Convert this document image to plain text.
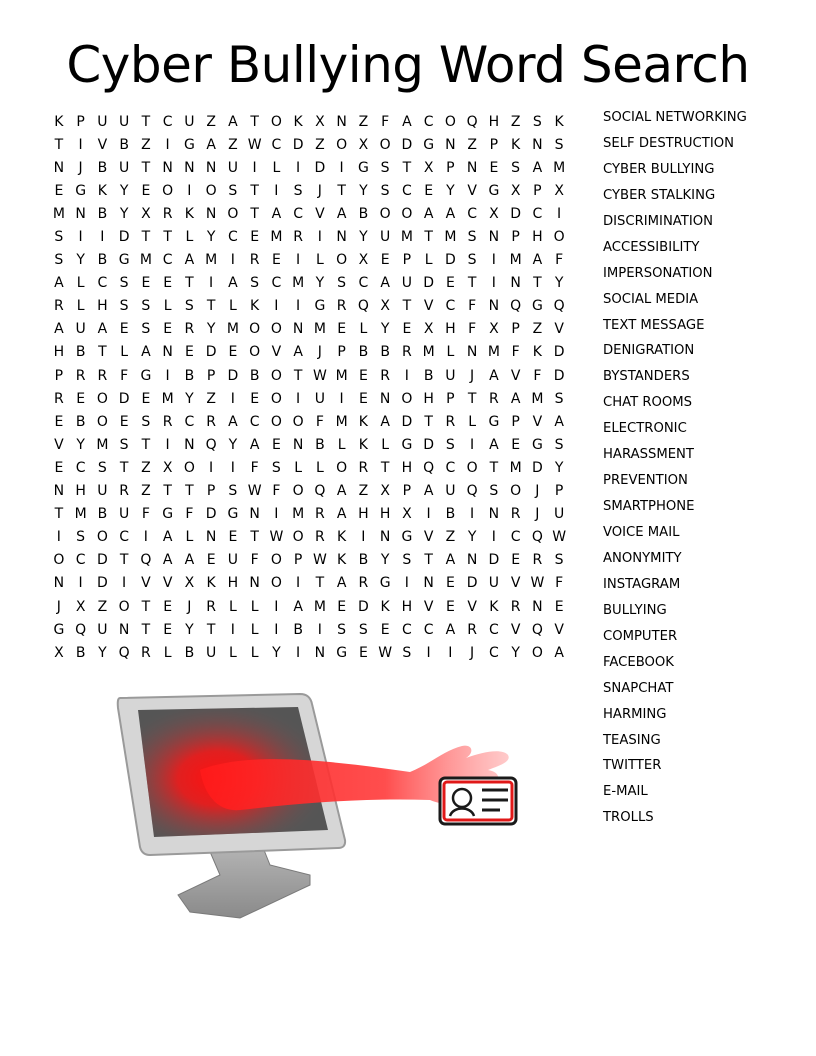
Cyber Bullying Word Search
K P U U T C U Z A T O K X N Z F A C O Q H Z S K
T	I	V B Z	I	G A Z W C D Z O X O D G N Z P K N S
N	J	B U T N N N U	I	L	I	D	I	G S T X P N E S A M
E G K Y E O	I	O S T	I	S	J	T Y S C E Y V G X P X
M N B Y X R K N O T A C V A B O O A A C X D C	I
S	I	I	D T T L Y C E M R	I	N Y U M T M S N P H O
S Y B G M C A M I	R E	I	L O X E P L D S	I M A F
A L C S E E T	I	A S C M Y S C A U D E T	I	N T Y
R L H S S L S T L K	I	I	G R Q X T V C F N Q G Q
A U A E S E R Y M O O N M E L Y E X H F X P Z V
H B T L A N E D E O V A	J	P B B R M L N M F K D
P R R F G	I	B P D B O T W M E R	I	B U	J	A V F D
R E O D E M Y Z	I	E O	I	U	I	E N O H P T R A M S
E B O E S R C R A C O O F M K A D T R L G P V A
V Y M S T	I	N Q Y A E N B L K L G D S	I	A E G S
E C S T Z X O	I	I	F S L L O R T H Q C O T M D Y
N H U R Z T T P S W F O Q A Z X P A U Q S O	J	P
T M B U F G F D G N	I M R A H H X	I	B	I	N R	J	U
I	S O C	I	A L N E T W O R K	I	N G V Z Y	I	C Q W
O C D T Q A A E U F O P W K B Y S T A N D E R S
N	I	D	I	V V X K H N O	I	T A R G	I	N E D U V W F
J	X Z O T E	J	R L L	I	A M E D K H V E V K R N E
G Q U N T E Y T	I	L	I	B	I	S S E C C A R C V Q V
X B Y Q R L B U L L Y	I	N G E W S	I	I	J	C Y O A
SOCIAL NETWORKING
SELF DESTRUCTION
CYBER BULLYING
CYBER STALKING
DISCRIMINATION
ACCESSIBILITY
IMPERSONATION
SOCIAL MEDIA
TEXT MESSAGE
DENIGRATION
BYSTANDERS
CHAT ROOMS
ELECTRONIC
HARASSMENT
PREVENTION
SMARTPHONE
VOICE MAIL
ANONYMITY
INSTAGRAM
BULLYING
COMPUTER
FACEBOOK
SNAPCHAT
HARMING
TEASING
TWITTER
E-MAIL
TROLLS
